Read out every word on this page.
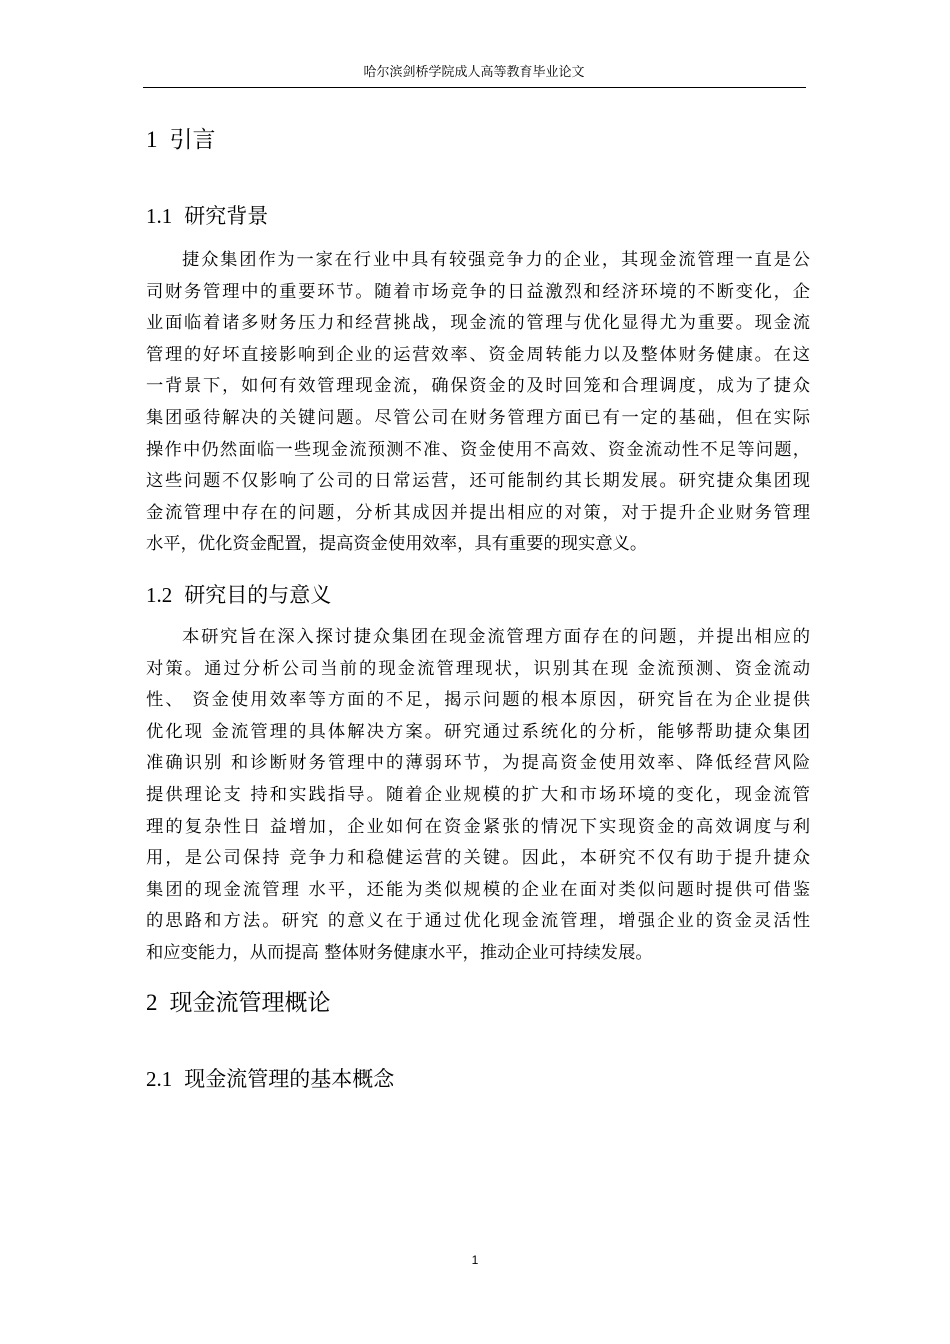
哈尔滨剑桥学院成人高等教育毕业论文
1 引言
1.1 研究背景
捷众集团作为一家在行业中具有较强竞争力的企业，其现金流管理一直是公
司财务管理中的重要环节。随着市场竞争的日益激烈和经济环境的不断变化，企
业面临着诸多财务压力和经营挑战，现金流的管理与优化显得尤为重要。现金流
管理的好坏直接影响到企业的运营效率、资金周转能力以及整体财务健康。在这
一背景下，如何有效管理现金流，确保资金的及时回笼和合理调度，成为了捷众
集团亟待解决的关键问题。尽管公司在财务管理方面已有一定的基础，但在实际
操作中仍然面临一些现金流预测不准、资金使用不高效、资金流动性不足等问题，
这些问题不仅影响了公司的日常运营，还可能制约其长期发展。研究捷众集团现
金流管理中存在的问题，分析其成因并提出相应的对策，对于提升企业财务管理
水平，优化资金配置，提高资金使用效率，具有重要的现实意义。
1.2 研究目的与意义
本研究旨在深入探讨捷众集团在现金流管理方面存在的问题，并提出相应的
对策。通过分析公司当前的现金流管理现状，识别其在现 金流预测、资金流动
性、 资金使用效率等方面的不足，揭示问题的根本原因，研究旨在为企业提供
优化现 金流管理的具体解决方案。研究通过系统化的分析，能够帮助捷众集团
准确识别 和诊断财务管理中的薄弱环节，为提高资金使用效率、降低经营风险
提供理论支 持和实践指导。随着企业规模的扩大和市场环境的变化，现金流管
理的复杂性日 益增加，企业如何在资金紧张的情况下实现资金的高效调度与利
用，是公司保持 竞争力和稳健运营的关键。因此，本研究不仅有助于提升捷众
集团的现金流管理 水平，还能为类似规模的企业在面对类似问题时提供可借鉴
的思路和方法。研究 的意义在于通过优化现金流管理，增强企业的资金灵活性
和应变能力，从而提高 整体财务健康水平，推动企业可持续发展。
2 现金流管理概论
2.1 现金流管理的基本概念
1
